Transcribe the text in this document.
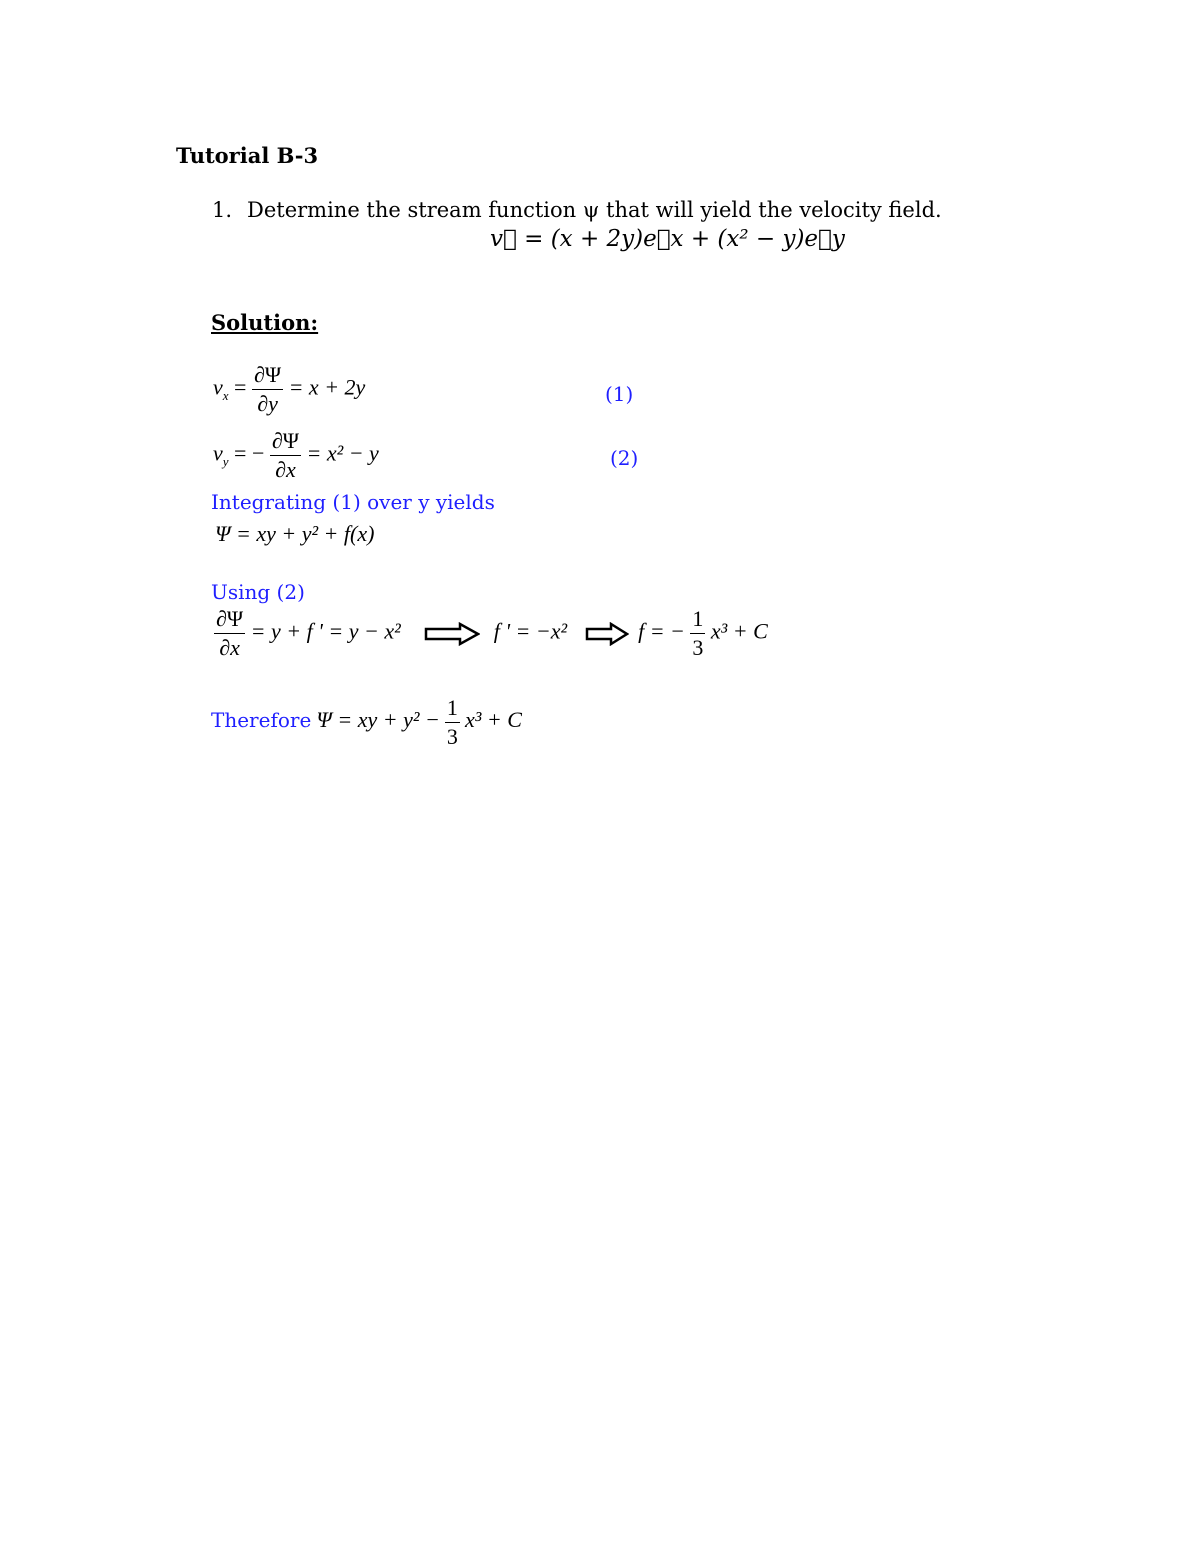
Tutorial B-3
1. Determine the stream function ψ that will yield the velocity field.
v⃗ = (x + 2y)e⃗x + (x² − y)e⃗y
Solution:
$v_x = \frac{\partial\Psi}{\partial y} = x + 2y$	(1)
$v_y$ = − $\frac{\partial\Psi}{\partial x} = x^2 - y$	(2)
Integrating (1) over y yields
Ψ = xy + y² + f(x)
Using (2)
$\frac{\partial\Psi}{\partial x} = y + f$ ' = y − x²	f ' = −x²	f = − $\frac{1}{3} x^3 + C$
Therefore Ψ = xy + $y^2 - \frac{1}{3} x^3 + C$
